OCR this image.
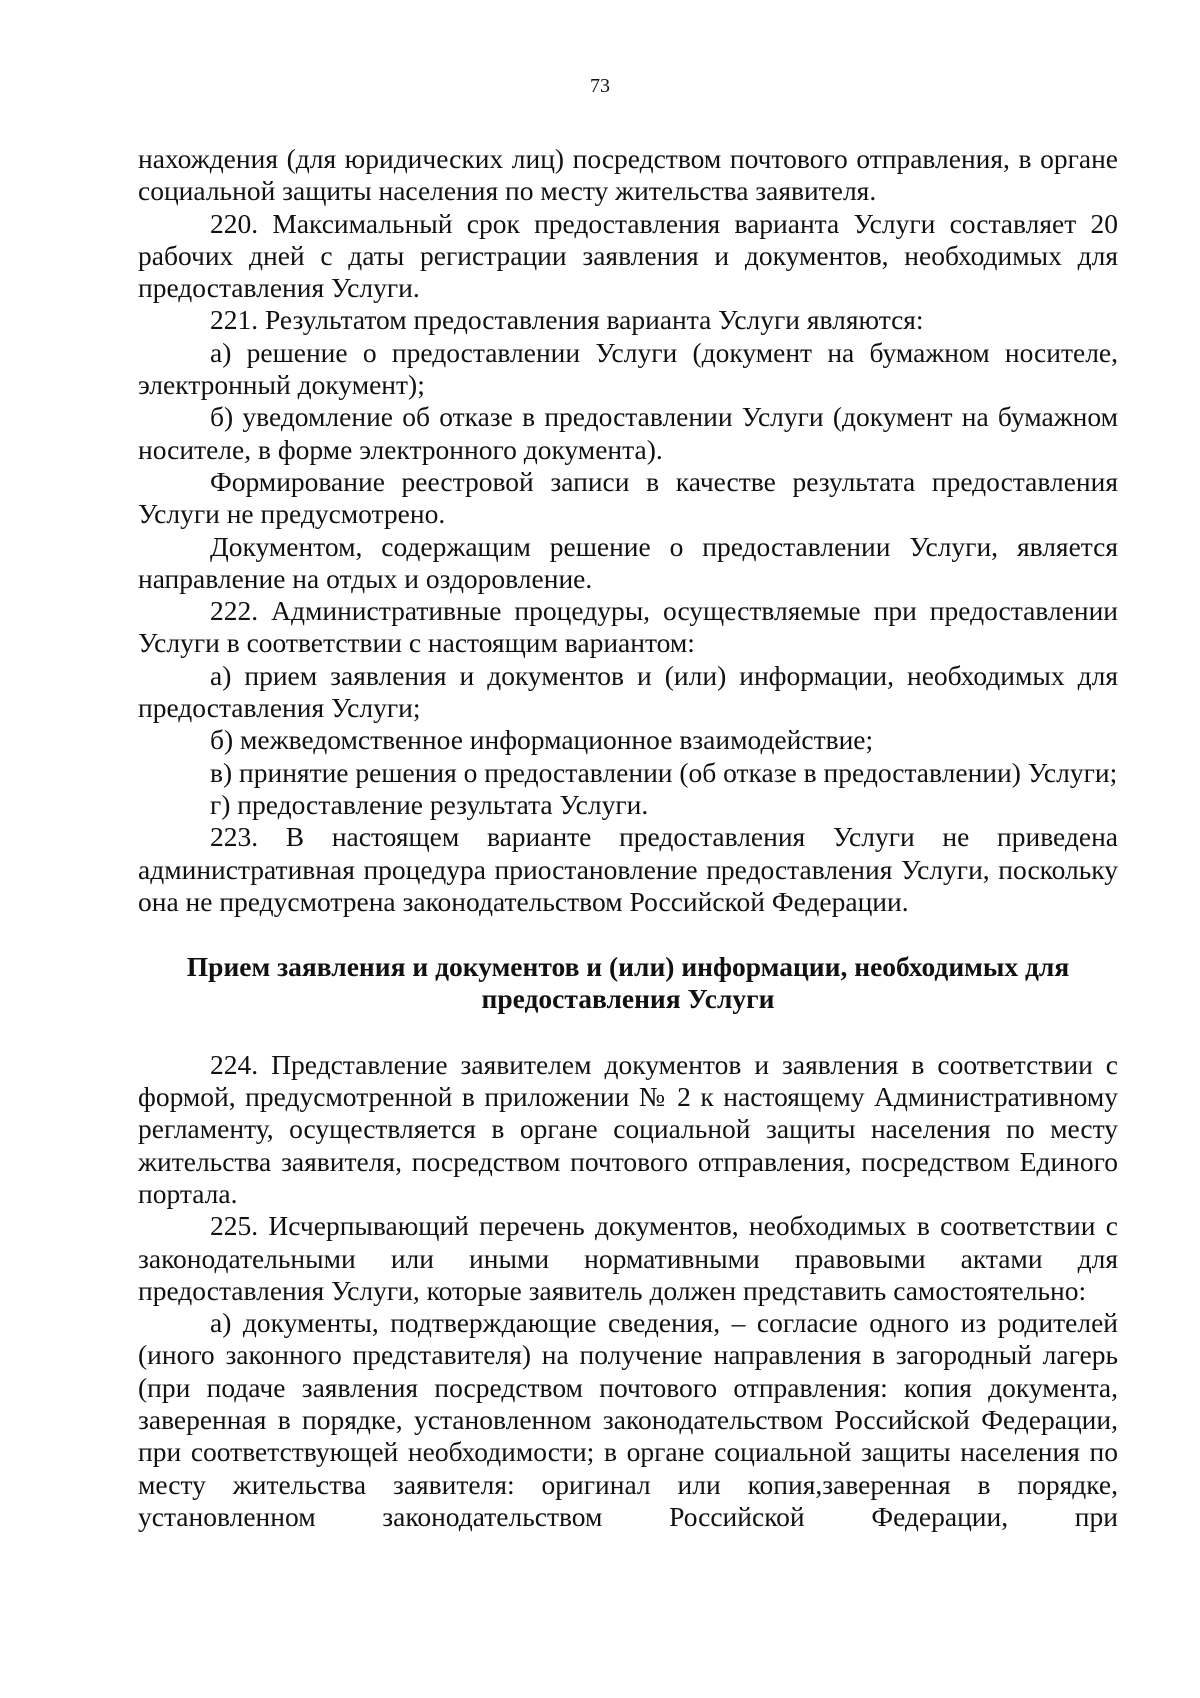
73

нахождения (для юридических лиц) посредством почтового отправления, в органе социальной защиты населения по месту жительства заявителя.

220. Максимальный срок предоставления варианта Услуги составляет 20 рабочих дней с даты регистрации заявления и документов, необходимых для предоставления Услуги.

221. Результатом предоставления варианта Услуги являются:

а) решение о предоставлении Услуги (документ на бумажном носителе, электронный документ);

б) уведомление об отказе в предоставлении Услуги (документ на бумажном носителе, в форме электронного документа).

Формирование реестровой записи в качестве результата предоставления Услуги не предусмотрено.

Документом, содержащим решение о предоставлении Услуги, является направление на отдых и оздоровление.

222. Административные процедуры, осуществляемые при предоставлении Услуги в соответствии с настоящим вариантом:

а) прием заявления и документов и (или) информации, необходимых для предоставления Услуги;

б) межведомственное информационное взаимодействие;

в) принятие решения о предоставлении (об отказе в предоставлении) Услуги;

г) предоставление результата Услуги.

223. В настоящем варианте предоставления Услуги не приведена административная процедура приостановление предоставления Услуги, поскольку она не предусмотрена законодательством Российской Федерации.

Прием заявления и документов и (или) информации, необходимых для предоставления Услуги

224. Представление заявителем документов и заявления в соответствии с формой, предусмотренной в приложении № 2 к настоящему Административному регламенту, осуществляется в органе социальной защиты населения по месту жительства заявителя, посредством почтового отправления, посредством Единого портала.

225. Исчерпывающий перечень документов, необходимых в соответствии с законодательными или иными нормативными правовыми актами для предоставления Услуги, которые заявитель должен представить самостоятельно:

а) документы, подтверждающие сведения, – согласие одного из родителей (иного законного представителя) на получение направления в загородный лагерь (при подаче заявления посредством почтового отправления: копия документа, заверенная в порядке, установленном законодательством Российской Федерации, при соответствующей необходимости; в органе социальной защиты населения по месту жительства заявителя: оригинал или копия,заверенная в порядке, установленном законодательством Российской Федерации, при
